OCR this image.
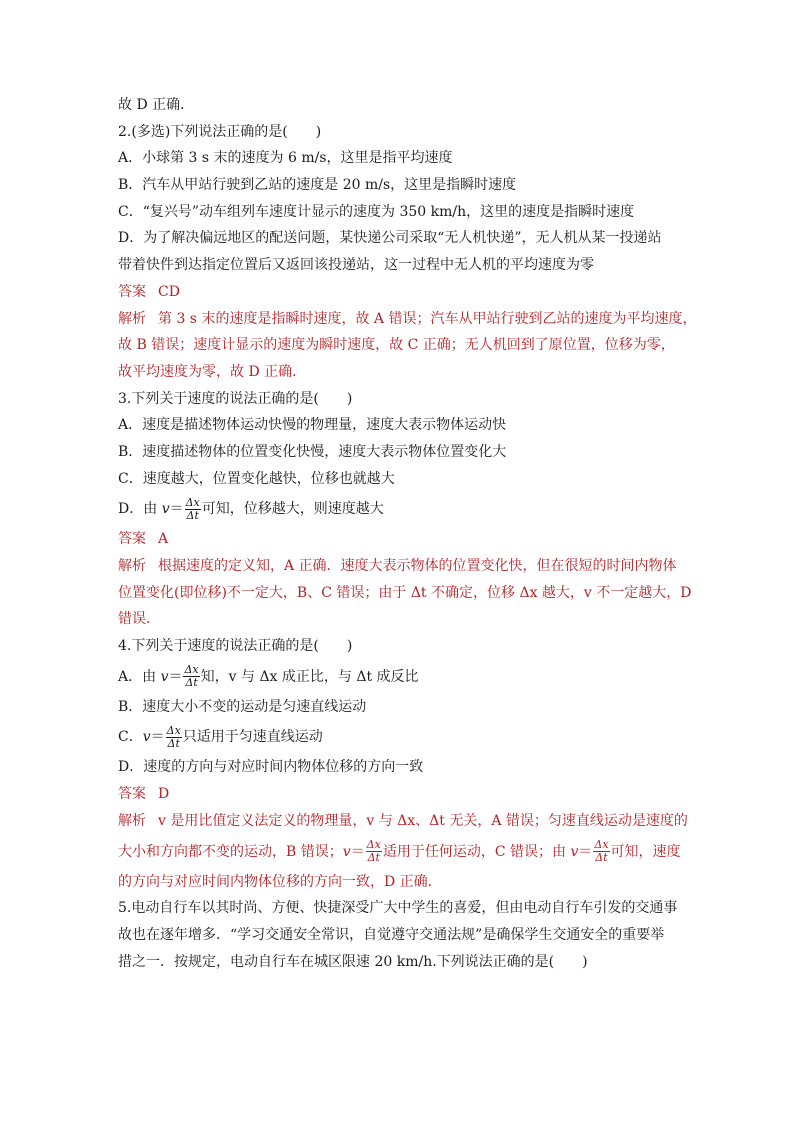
故 D 正确．
2.(多选)下列说法正确的是(　　)
A．小球第 3 s 末的速度为 6 m/s，这里是指平均速度
B．汽车从甲站行驶到乙站的速度是 20 m/s，这里是指瞬时速度
C．“复兴号”动车组列车速度计显示的速度为 350 km/h，这里的速度是指瞬时速度
D．为了解决偏远地区的配送问题，某快递公司采取“无人机快递”，无人机从某一投递站
带着快件到达指定位置后又返回该投递站，这一过程中无人机的平均速度为零
答案 CD
解析 第 3 s 末的速度是指瞬时速度，故 A 错误；汽车从甲站行驶到乙站的速度为平均速度，
故 B 错误；速度计显示的速度为瞬时速度，故 C 正确；无人机回到了原位置，位移为零，
故平均速度为零，故 D 正确．
3.下列关于速度的说法正确的是(　　)
A．速度是描述物体运动快慢的物理量，速度大表示物体运动快
B．速度描述物体的位置变化快慢，速度大表示物体位置变化大
C．速度越大，位置变化越快，位移也就越大
D．由 $v= \frac{\Delta x}{\Delta t}$ 可知，位移越大，则速度越大
答案 A
解析 根据速度的定义知，A 正确．速度大表示物体的位置变化快，但在很短的时间内物体
位置变化(即位移)不一定大，B、C 错误；由于 Δt 不确定，位移 Δx 越大，v 不一定越大，D
错误．
4.下列关于速度的说法正确的是(　　)
A．由 $v= \frac{\Delta x}{\Delta t}$ 知，v 与 Δx 成正比，与 Δt 成反比
B．速度大小不变的运动是匀速直线运动
C．$v= \frac{\Delta x}{\Delta t}$ 只适用于匀速直线运动
D．速度的方向与对应时间内物体位移的方向一致
答案 D
解析 v 是用比值定义法定义的物理量，v 与 Δx、Δt 无关，A 错误；匀速直线运动是速度的
大小和方向都不变的运动，B 错误；$v= \frac{\Delta x}{\Delta t}$ 适用于任何运动，C 错误；由 $v= \frac{\Delta x}{\Delta t}$ 可知，速度
的方向与对应时间内物体位移的方向一致，D 正确．
5.电动自行车以其时尚、方便、快捷深受广大中学生的喜爱，但由电动自行车引发的交通事
故也在逐年增多．“学习交通安全常识，自觉遵守交通法规”是确保学生交通安全的重要举
措之一．按规定，电动自行车在城区限速 20 km/h.下列说法正确的是(　　)
